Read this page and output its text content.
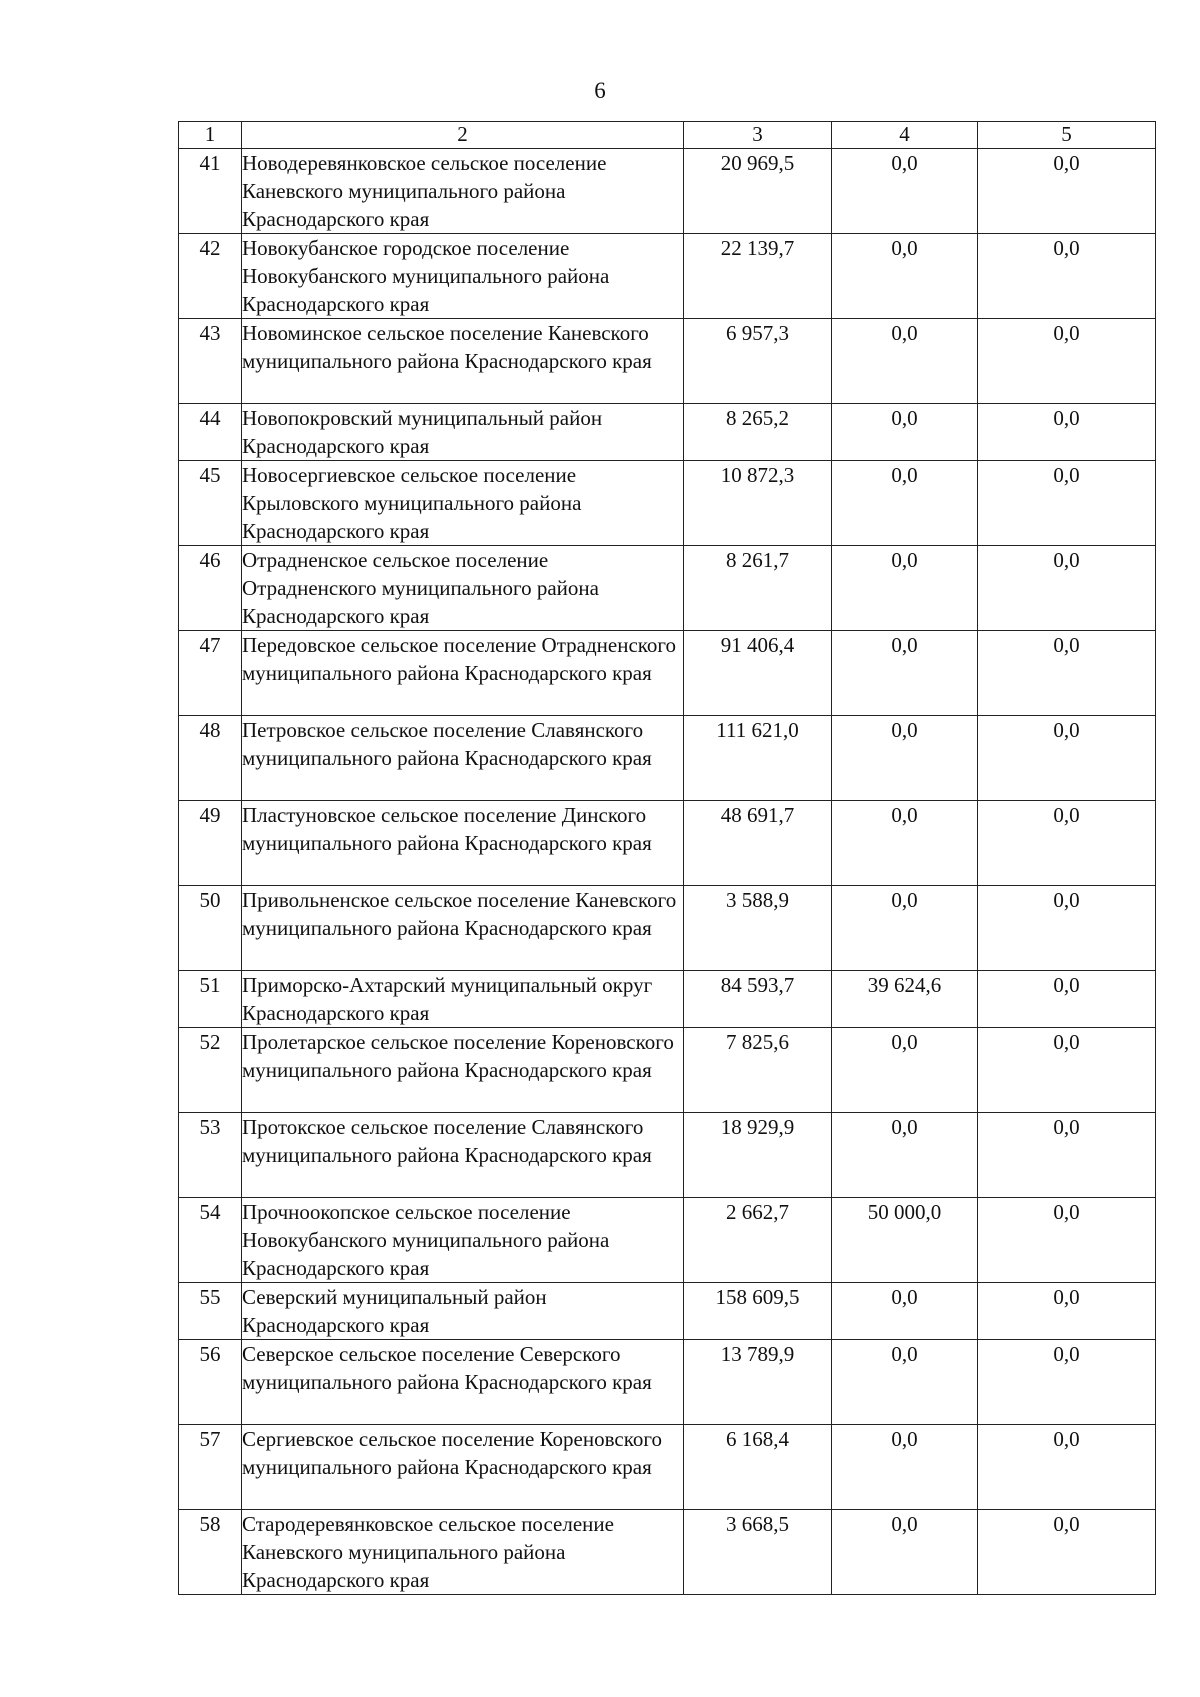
6
1	2	3	4	5
41	Новодеревянковское сельское поселение Каневского муниципального района Краснодарского края	20 969,5	0,0	0,0
42	Новокубанское городское поселение Новокубанского муниципального района Краснодарского края	22 139,7	0,0	0,0
43	Новоминское сельское поселение Каневского муниципального района Краснодарского края	6 957,3	0,0	0,0
44	Новопокровский муниципальный район Краснодарского края	8 265,2	0,0	0,0
45	Новосергиевское сельское поселение Крыловского муниципального района Краснодарского края	10 872,3	0,0	0,0
46	Отрадненское сельское поселение Отрадненского муниципального района Краснодарского края	8 261,7	0,0	0,0
47	Передовское сельское поселение Отрадненского муниципального района Краснодарского края	91 406,4	0,0	0,0
48	Петровское сельское поселение Славянского муниципального района Краснодарского края	111 621,0	0,0	0,0
49	Пластуновское сельское поселение Динского муниципального района Краснодарского края	48 691,7	0,0	0,0
50	Привольненское сельское поселение Каневского муниципального района Краснодарского края	3 588,9	0,0	0,0
51	Приморско-Ахтарский муниципальный округ Краснодарского края	84 593,7	39 624,6	0,0
52	Пролетарское сельское поселение Кореновского муниципального района Краснодарского края	7 825,6	0,0	0,0
53	Протокское сельское поселение Славянского муниципального района Краснодарского края	18 929,9	0,0	0,0
54	Прочноокопское сельское поселение Новокубанского муниципального района Краснодарского края	2 662,7	50 000,0	0,0
55	Северский муниципальный район Краснодарского края	158 609,5	0,0	0,0
56	Северское сельское поселение Северского муниципального района Краснодарского края	13 789,9	0,0	0,0
57	Сергиевское сельское поселение Кореновского муниципального района Краснодарского края	6 168,4	0,0	0,0
58	Стародеревянковское сельское поселение Каневского муниципального района Краснодарского края	3 668,5	0,0	0,0
